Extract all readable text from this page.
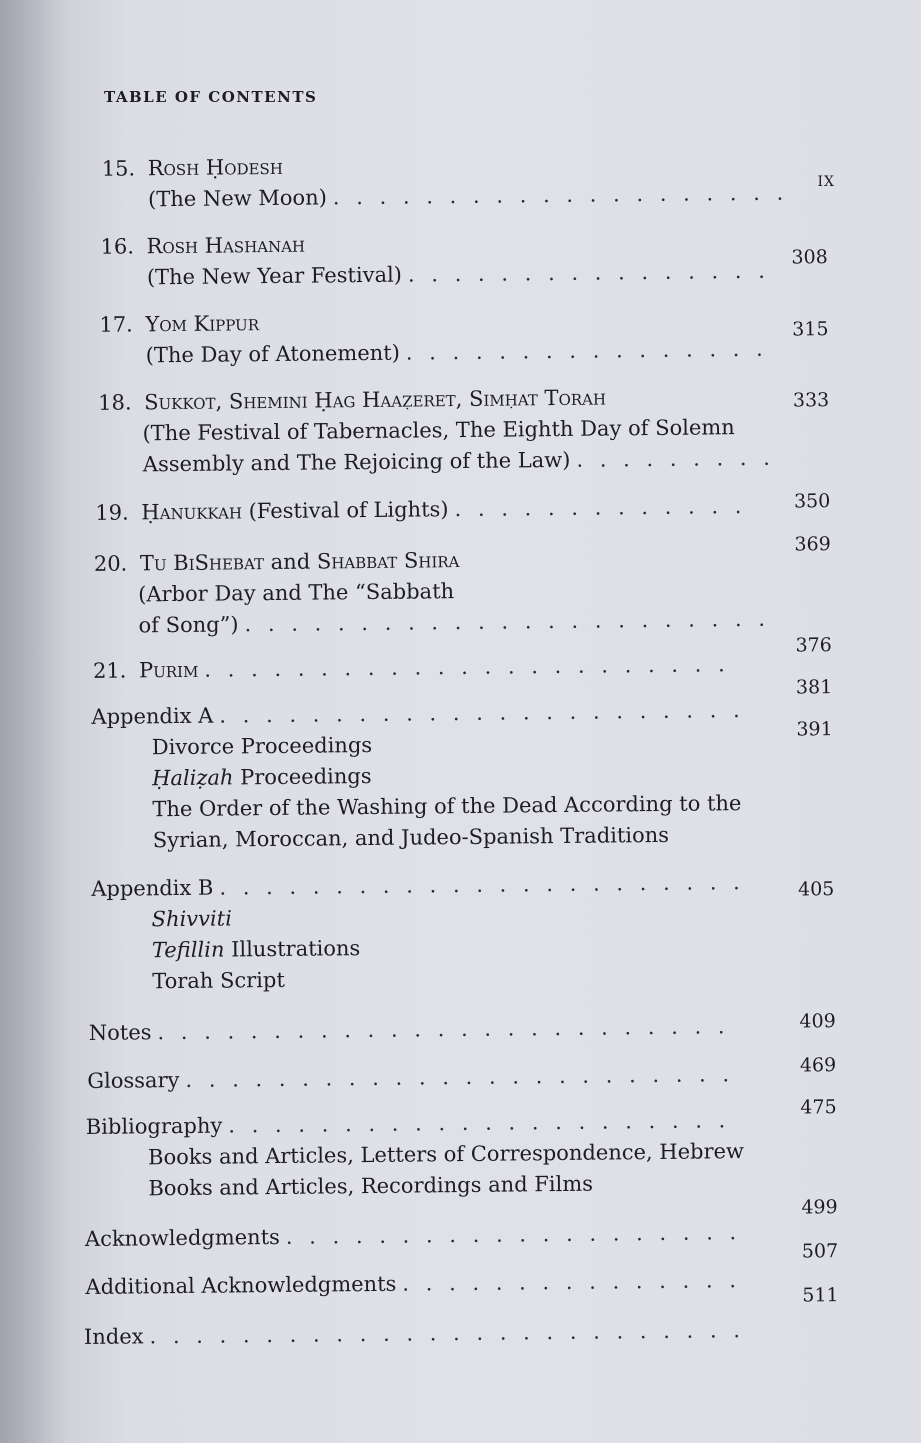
TABLE OF CONTENTS
IX
15. Rosh Ḥodesh
(The New Moon)
. . .
308
16. Rosh Hashanah
(The New Year Festival)
. . .
315
17. Yom Kippur
(The Day of Atonement)
. . .
333
18. Sukkot, Shemini Ḥag Haaẓeret, Simḥat Torah
(The Festival of Tabernacles, The Eighth Day of Solemn
Assembly and The Rejoicing of the Law)
. . .
350
19. Ḥanukkah
(Festival of Lights)
. . .
369
20. Tu BiShebat and Shabbat Shira
(Arbor Day and The “Sabbath
of Song”)
. . .
376
21. Purim
. . .
381
Appendix A
. . .
Divorce Proceedings
Ḥaliẓah Proceedings
The Order of the Washing of the Dead According to the
Syrian, Moroccan, and Judeo-Spanish Traditions
391
Appendix B
. . .
Shivviti
Tefillin Illustrations
Torah Script
405
Notes
. . .	409
Glossary
. . .
469
Bibliography
. . .
Books and Articles, Letters of Correspondence, Hebrew
Books and Articles, Recordings and Films
475
Acknowledgments
. . .
499
Additional Acknowledgments
. . .
507
Index
. . .
511
